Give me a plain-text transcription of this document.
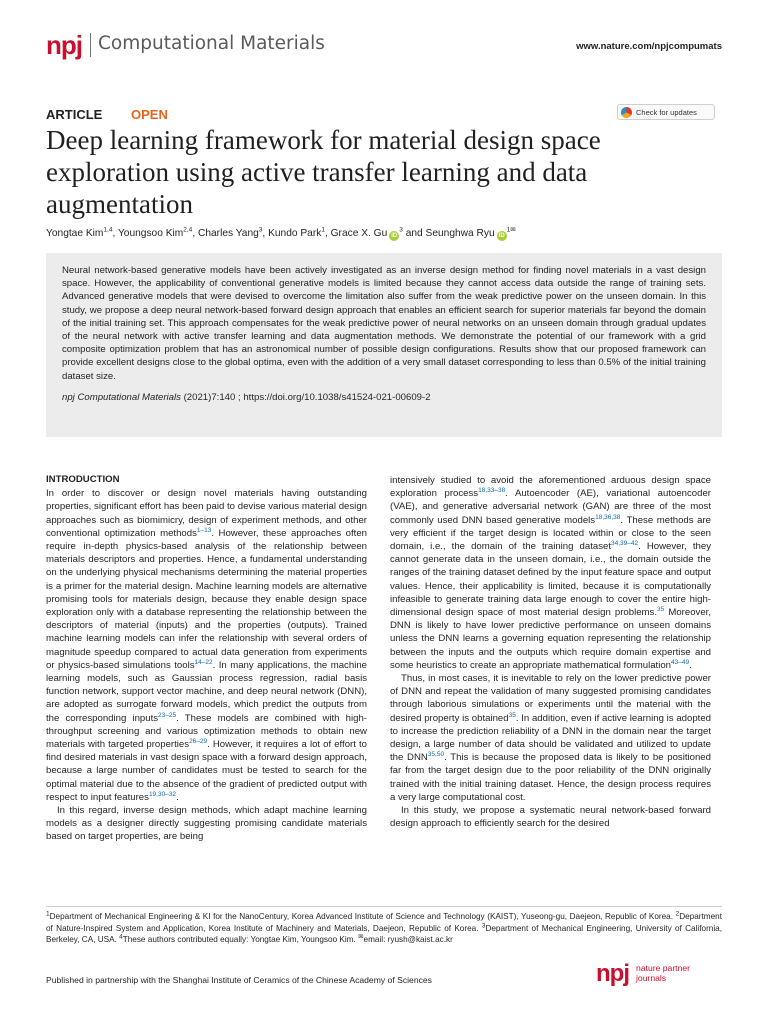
npj Computational Materials	www.nature.com/npjcompumats
ARTICLE OPEN	Check for updates
Deep learning framework for material design space exploration using active transfer learning and data augmentation
Yongtae Kim$^{1,4}$, Youngsoo Kim$^{2,4}$, Charles Yang$^3$, Kundo Park$^1$, Grace X. Gu $iD^3$ and Seunghwa Ryu $iD^{1✉}$

Neural network-based generative models have been actively investigated as an inverse design method for finding novel materials in a vast design space. However, the applicability of conventional generative models is limited because they cannot access data outside the range of training sets. Advanced generative models that were devised to overcome the limitation also suffer from the weak predictive power on the unseen domain. In this study, we propose a deep neural network-based forward design approach that enables an efficient search for superior materials far beyond the domain of the initial training set. This approach compensates for the weak predictive power of neural networks on an unseen domain through gradual updates of the neural network with active transfer learning and data augmentation methods. We demonstrate the potential of our framework with a grid composite optimization problem that has an astronomical number of possible design configurations. Results show that our proposed framework can provide excellent designs close to the global optima, even with the addition of a very small dataset corresponding to less than 0.5% of the initial training dataset size.

npj Computational Materials (2021)7:140 ; https://doi.org/10.1038/s41524-021-00609-2

INTRODUCTION

In order to discover or design novel materials having outstanding properties, significant effort has been paid to devise various material design approaches such as biomimicry, design of experiment methods, and other conventional optimization methods$^{1-13}$. However, these approaches often require in-depth physics-based analysis of the relationship between materials descriptors and properties. Hence, a fundamental understanding on the underlying physical mechanisms determining the material properties is a primer for the material design. Machine learning models are alternative promising tools for materials design, because they enable design space exploration only with a database representing the relationship between the descriptors of material (inputs) and the properties (outputs). Trained machine learning models can infer the relationship with several orders of magnitude speedup compared to actual data generation from experiments or physics-based simulations tools$^{14-22}$. In many applications, the machine learning models, such as Gaussian process regression, radial basis function network, support vector machine, and deep neural network (DNN), are adopted as surrogate forward models, which predict the outputs from the corresponding inputs$^{23-25}$. These models are combined with high-throughput screening and various optimization methods to obtain new materials with targeted properties$^{26-29}$. However, it requires a lot of effort to find desired materials in vast design space with a forward design approach, because a large number of candidates must be tested to search for the optimal material due to the absence of the gradient of predicted output with respect to input features$^{19,30-32}$.

In this regard, inverse design methods, which adapt machine learning models as a designer directly suggesting promising candidate materials based on target properties, are being

intensively studied to avoid the aforementioned arduous design space exploration process$^{18,33-38}$. Autoencoder (AE), variational autoencoder (VAE), and generative adversarial network (GAN) are three of the most commonly used DNN based generative models$^{18,36,38}$. These methods are very efficient if the target design is located within or close to the seen domain, i.e., the domain of the training dataset$^{34,39-42}$. However, they cannot generate data in the unseen domain, i.e., the domain outside the ranges of the training dataset defined by the input feature space and output values. Hence, their applicability is limited, because it is computationally infeasible to generate training data large enough to cover the entire high-dimensional design space of most material design problems.$^{35}$ Moreover, DNN is likely to have lower predictive performance on unseen domains unless the DNN learns a governing equation representing the relationship between the inputs and the outputs which require domain expertise and some heuristics to create an appropriate mathematical formulation$^{43-49}$.

Thus, in most cases, it is inevitable to rely on the lower predictive power of DNN and repeat the validation of many suggested promising candidates through laborious simulations or experiments until the material with the desired property is obtained$^{35}$. In addition, even if active learning is adopted to increase the prediction reliability of a DNN in the domain near the target design, a large number of data should be validated and utilized to update the DNN$^{35,50}$. This is because the proposed data is likely to be positioned far from the target design due to the poor reliability of the DNN originally trained with the initial training dataset. Hence, the design process requires a very large computational cost.

In this study, we propose a systematic neural network-based forward design approach to efficiently search for the desired

$^1$Department of Mechanical Engineering & KI for the NanoCentury, Korea Advanced Institute of Science and Technology (KAIST), Yuseong-gu, Daejeon, Republic of Korea. $^2$Department of Nature-Inspired System and Application, Korea Institute of Machinery and Materials, Daejeon, Republic of Korea. $^3$Department of Mechanical Engineering, University of California, Berkeley, CA, USA. $^4$These authors contributed equally: Yongtae Kim, Youngsoo Kim. ✉email: ryush@kaist.ac.kr
Published in partnership with the Shanghai Institute of Ceramics of the Chinese Academy of Sciences	npj nature partner
journals
